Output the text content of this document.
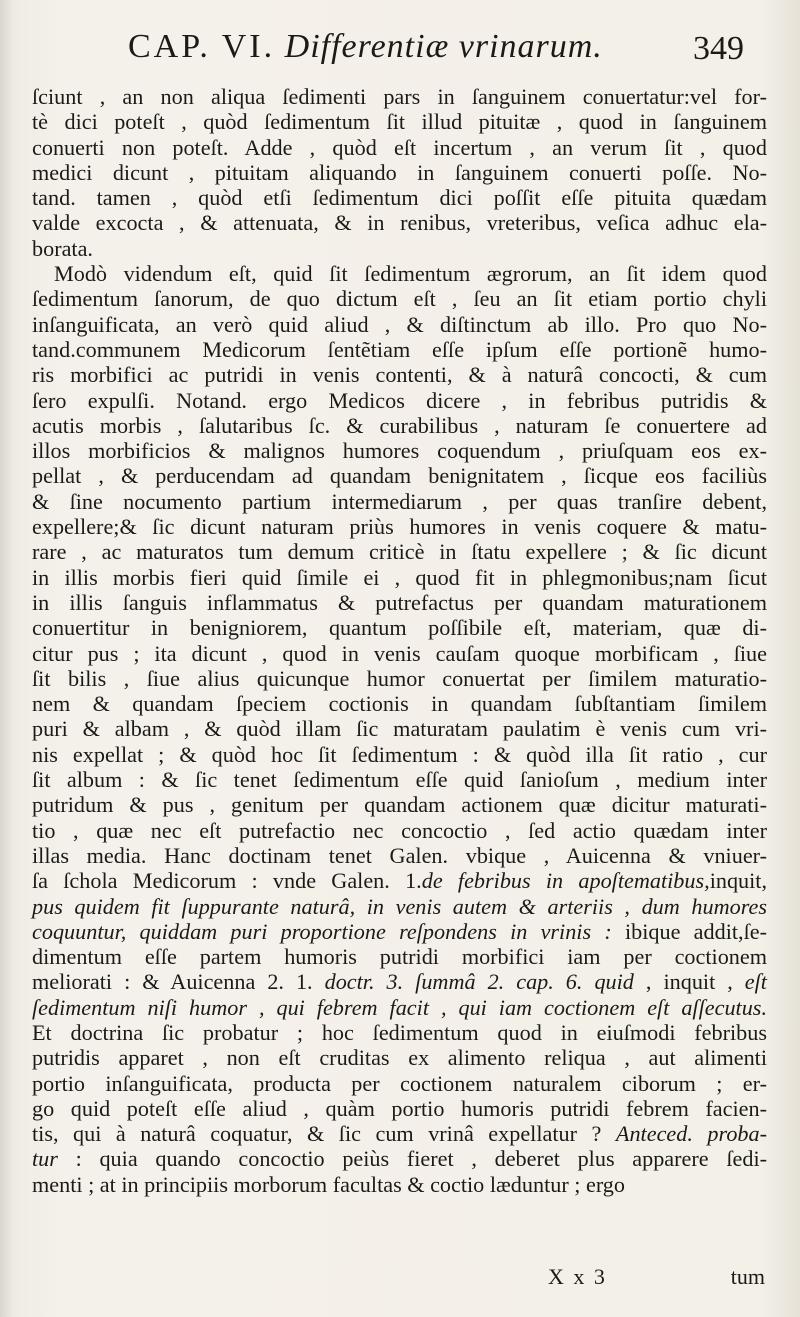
CAP. VI. Differentiæ vrinarum.	349
ſciunt , an non aliqua ſedimenti pars in ſanguinem conuertatur:vel for-
tè dici poteſt , quòd ſedimentum ſit illud pituitæ , quod in ſanguinem
conuerti non poteſt. Adde , quòd eſt incertum , an verum ſit , quod
medici dicunt , pituitam aliquando in ſanguinem conuerti poſſe. No-
tand. tamen , quòd etſi ſedimentum dici poſſit eſſe pituita quædam
valde excocta , & attenuata, & in renibus, vreteribus, veſica adhuc ela-
borata.
Modò videndum eſt, quid ſit ſedimentum ægrorum, an ſit idem quod
ſedimentum ſanorum, de quo dictum eſt , ſeu an ſit etiam portio chyli
inſanguificata, an verò quid aliud , & diſtinctum ab illo. Pro quo No-
tand.communem Medicorum ſentẽtiam eſſe ipſum eſſe portionẽ humo-
ris morbifici ac putridi in venis contenti, & à naturâ concocti, & cum
ſero expulſi. Notand. ergo Medicos dicere , in febribus putridis &
acutis morbis , ſalutaribus ſc. & curabilibus , naturam ſe conuertere ad
illos morbificios & malignos humores coquendum , priuſquam eos ex-
pellat , & perducendam ad quandam benignitatem , ſicque eos faciliùs
& ſine nocumento partium intermediarum , per quas tranſire debent,
expellere;& ſic dicunt naturam priùs humores in venis coquere & matu-
rare , ac maturatos tum demum criticè in ſtatu expellere ; & ſic dicunt
in illis morbis fieri quid ſimile ei , quod fit in phlegmonibus;nam ſicut
in illis ſanguis inflammatus & putrefactus per quandam maturationem
conuertitur in benigniorem, quantum poſſibile eſt, materiam, quæ di-
citur pus ; ita dicunt , quod in venis cauſam quoque morbificam , ſiue
ſit bilis , ſiue alius quicunque humor conuertat per ſimilem maturatio-
nem & quandam ſpeciem coctionis in quandam ſubſtantiam ſimilem
puri & albam , & quòd illam ſic maturatam paulatim è venis cum vri-
nis expellat ; & quòd hoc ſit ſedimentum : & quòd illa ſit ratio , cur
ſit album : & ſic tenet ſedimentum eſſe quid ſanioſum , medium inter
putridum & pus , genitum per quandam actionem quæ dicitur maturati-
tio , quæ nec eſt putrefactio nec concoctio , ſed actio quædam inter
illas media. Hanc doctinam tenet Galen. vbique , Auicenna & vniuer-
ſa ſchola Medicorum : vnde Galen. 1.de febribus in apoſtematibus,inquit,
pus quidem fit ſuppurante naturâ, in venis autem & arteriis , dum humores
coquuntur, quiddam puri proportione reſpondens in vrinis : ibique addit,ſe-
dimentum eſſe partem humoris putridi morbifici iam per coctionem
meliorati : & Auicenna 2. 1. doctr. 3. ſummâ 2. cap. 6. quid , inquit , eſt
ſedimentum niſi humor , qui febrem facit , qui iam coctionem eſt aſſecutus.
Et doctrina ſic probatur ; hoc ſedimentum quod in eiuſmodi febribus
putridis apparet , non eſt cruditas ex alimento reliqua , aut alimenti
portio inſanguificata, producta per coctionem naturalem ciborum ; er-
go quid poteſt eſſe aliud , quàm portio humoris putridi febrem facien-
tis, qui à naturâ coquatur, & ſic cum vrinâ expellatur ? Anteced. proba-
tur : quia quando concoctio peiùs fieret , deberet plus apparere ſedi-
menti ; at in principiis morborum facultas & coctio læduntur ; ergo
X x 3	tum
